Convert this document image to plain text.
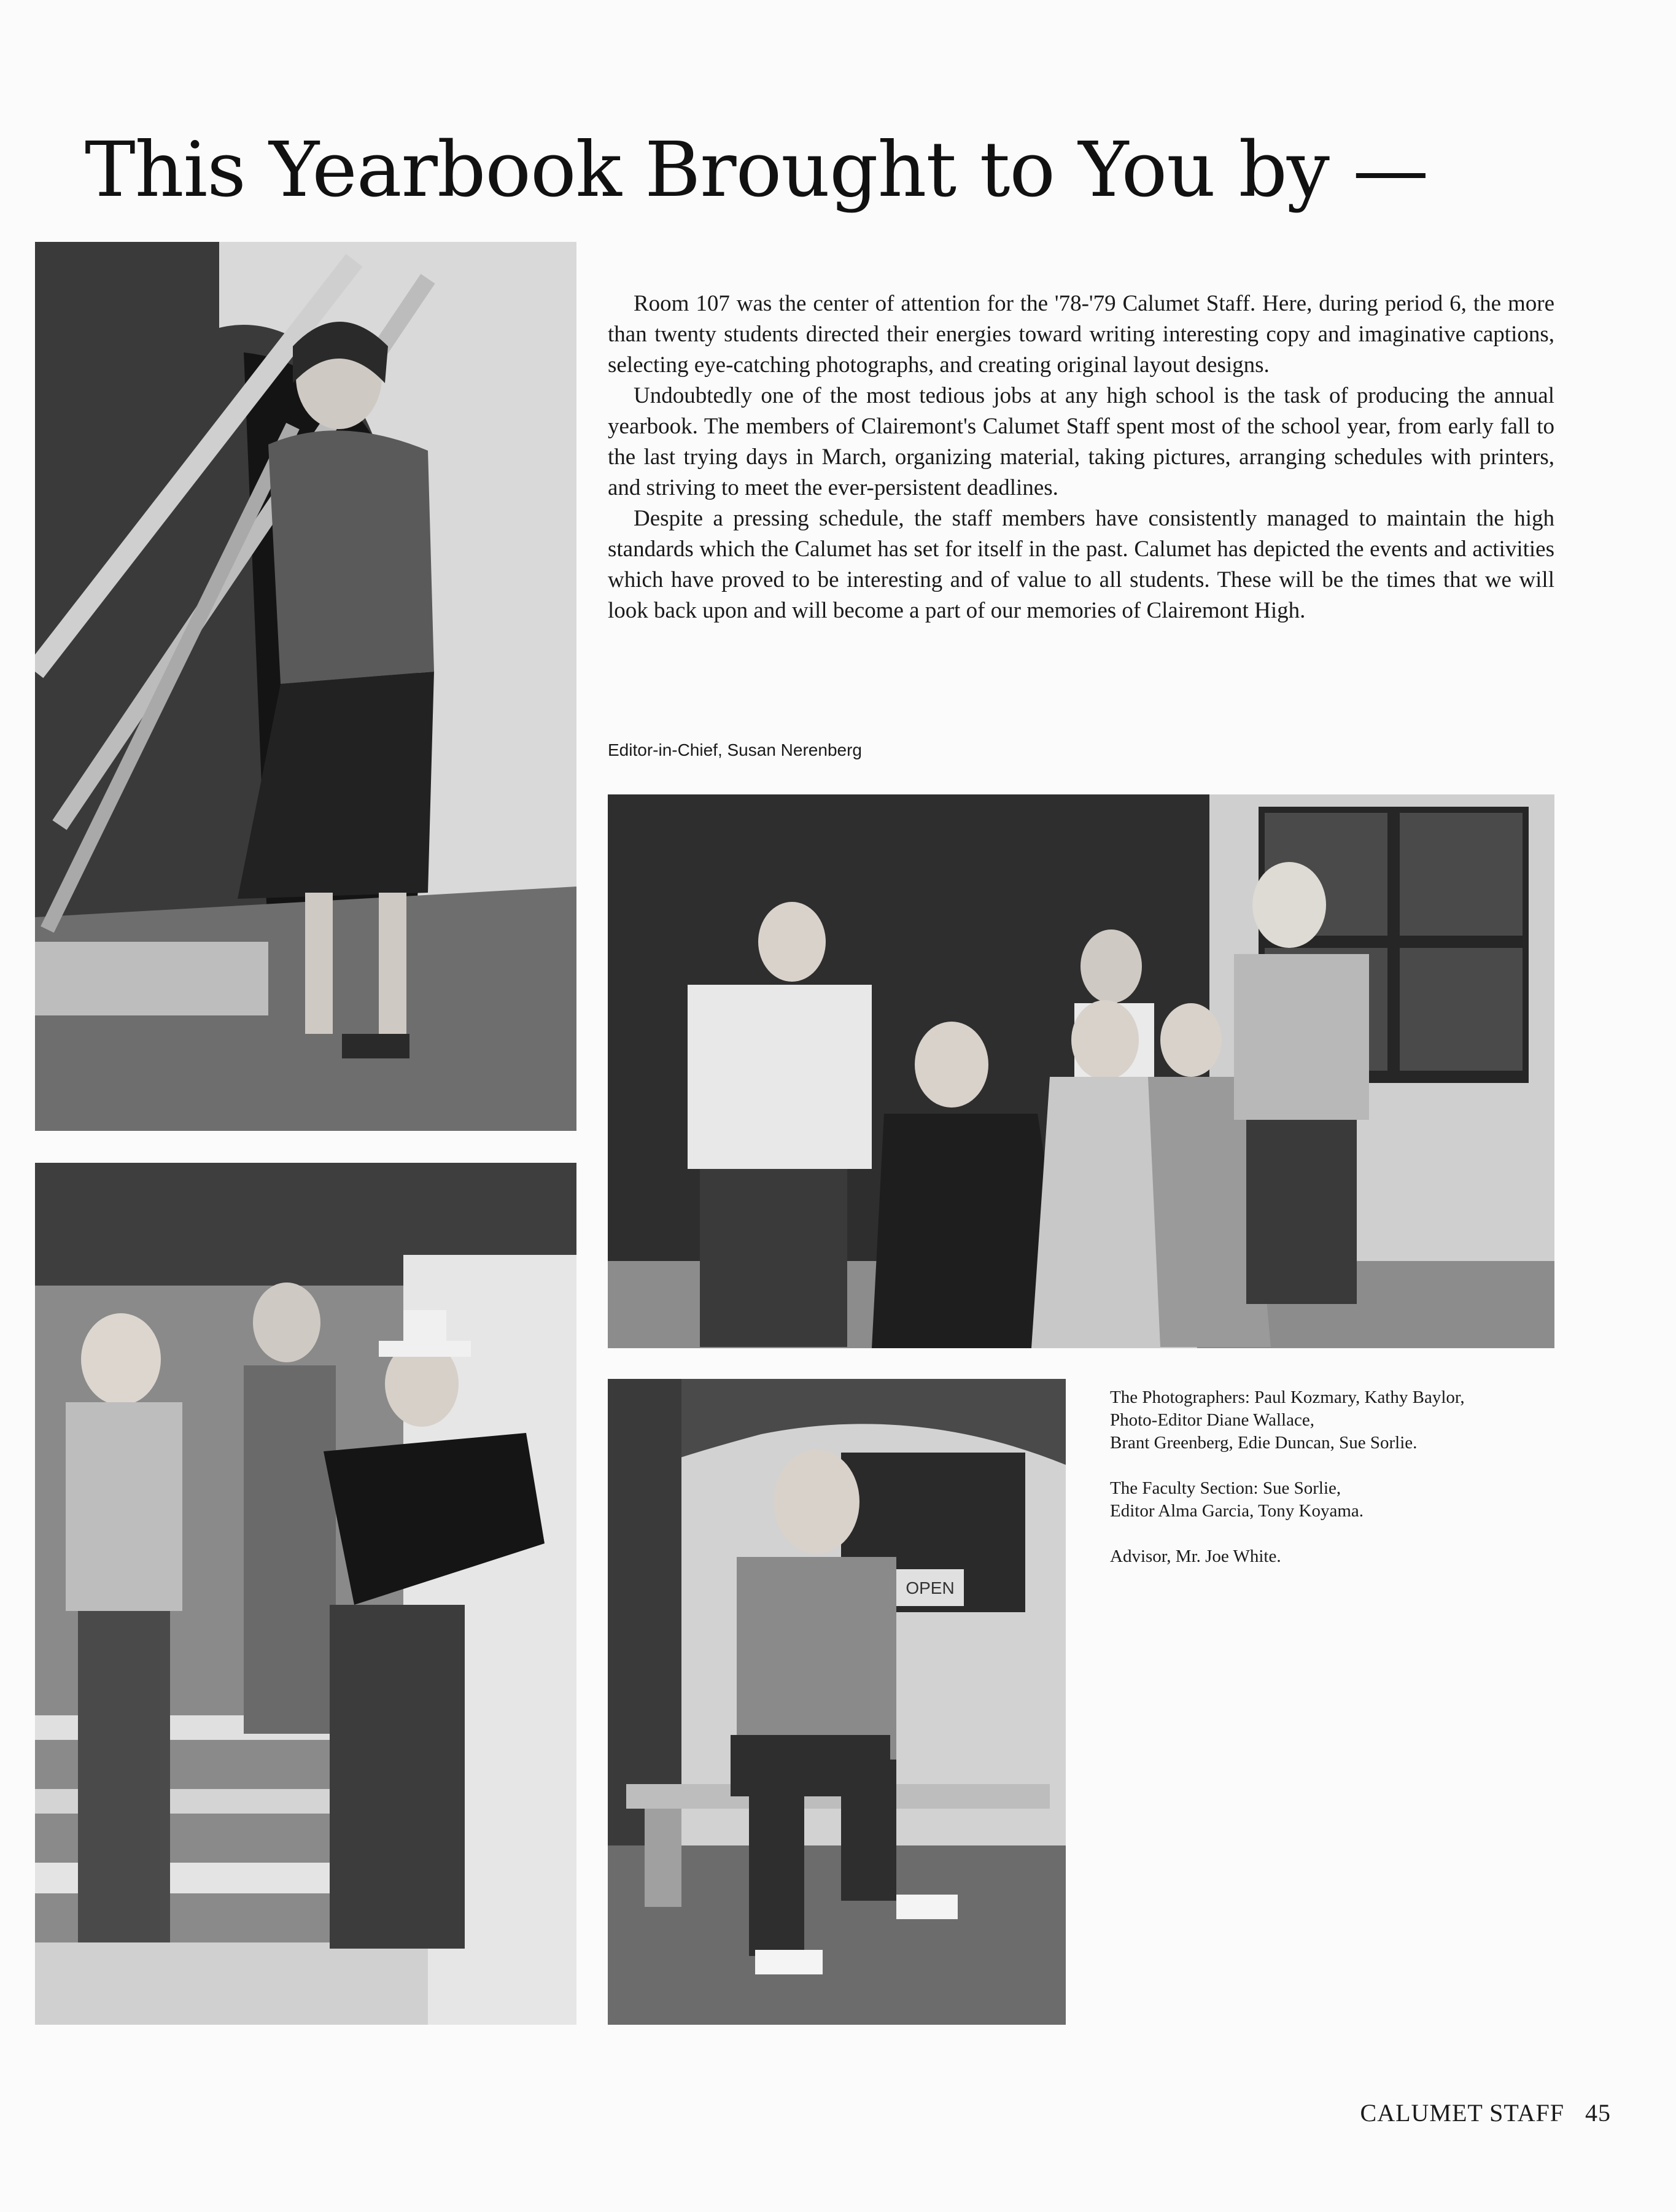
This Yearbook Brought to You by —

Room 107 was the center of attention for the '78-'79 Calumet Staff. Here, during period 6, the more than twenty students directed their energies toward writing interesting copy and imaginative captions, selecting eye-catching photographs, and creating original layout designs.

Undoubtedly one of the most tedious jobs at any high school is the task of producing the annual yearbook. The members of Clairemont's Calumet Staff spent most of the school year, from early fall to the last trying days in March, organizing material, taking pictures, arranging schedules with printers, and striving to meet the ever-persistent deadlines.

Despite a pressing schedule, the staff members have consistently managed to maintain the high standards which the Calumet has set for itself in the past. Calumet has depicted the events and activities which have proved to be interesting and of value to all students. These will be the times that we will look back upon and will become a part of our memories of Clairemont High.

Editor-in-Chief, Susan Nerenberg
OPEN
The Photographers: Paul Kozmary, Kathy Baylor,
Photo-Editor Diane Wallace,
Brant Greenberg, Edie Duncan, Sue Sorlie.
The Faculty Section: Sue Sorlie,
Editor Alma Garcia, Tony Koyama.
Advisor, Mr. Joe White.
CALUMET STAFF 45
